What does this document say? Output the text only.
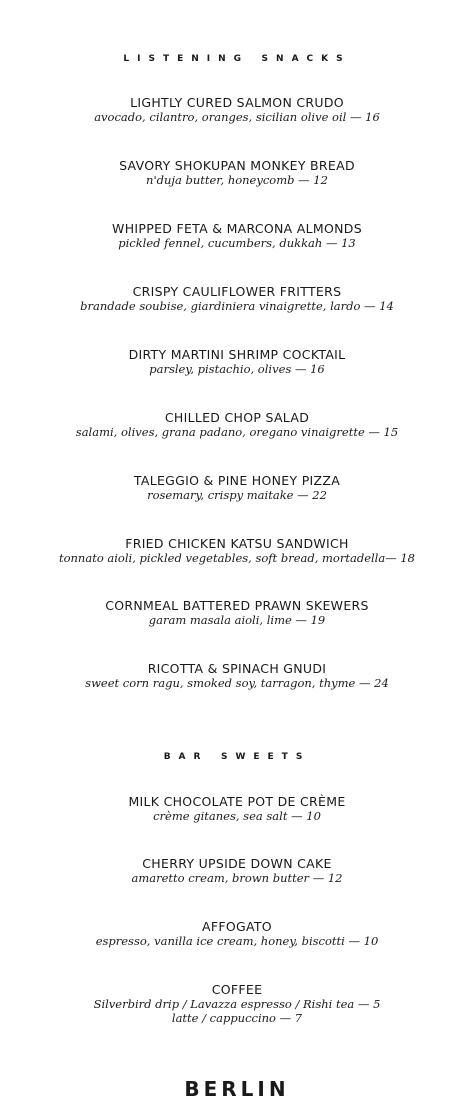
listening snacks
LIGHTLY CURED SALMON CRUDO
avocado, cilantro, oranges, sicilian olive oil — 16
SAVORY SHOKUPAN MONKEY BREAD
n'duja butter, honeycomb — 12
WHIPPED FETA & MARCONA ALMONDS
pickled fennel, cucumbers, dukkah — 13
CRISPY CAULIFLOWER FRITTERS
brandade soubise, giardiniera vinaigrette, lardo — 14
DIRTY MARTINI SHRIMP COCKTAIL
parsley, pistachio, olives — 16
CHILLED CHOP SALAD
salami, olives, grana padano, oregano vinaigrette — 15
TALEGGIO & PINE HONEY PIZZA
rosemary, crispy maitake — 22
FRIED CHICKEN KATSU SANDWICH
tonnato aioli, pickled vegetables, soft bread, mortadella— 18
CORNMEAL BATTERED PRAWN SKEWERS
garam masala aioli, lime — 19
RICOTTA & SPINACH GNUDI
sweet corn ragu, smoked soy, tarragon, thyme — 24
bar sweets
MILK CHOCOLATE POT DE CRÈME
crème gitanes, sea salt — 10
CHERRY UPSIDE DOWN CAKE
amaretto cream, brown butter — 12
AFFOGATO
espresso, vanilla ice cream, honey, biscotti — 10
COFFEE
Silverbird drip / Lavazza espresso / Rishi tea — 5
latte / cappuccino — 7
BERLIN
